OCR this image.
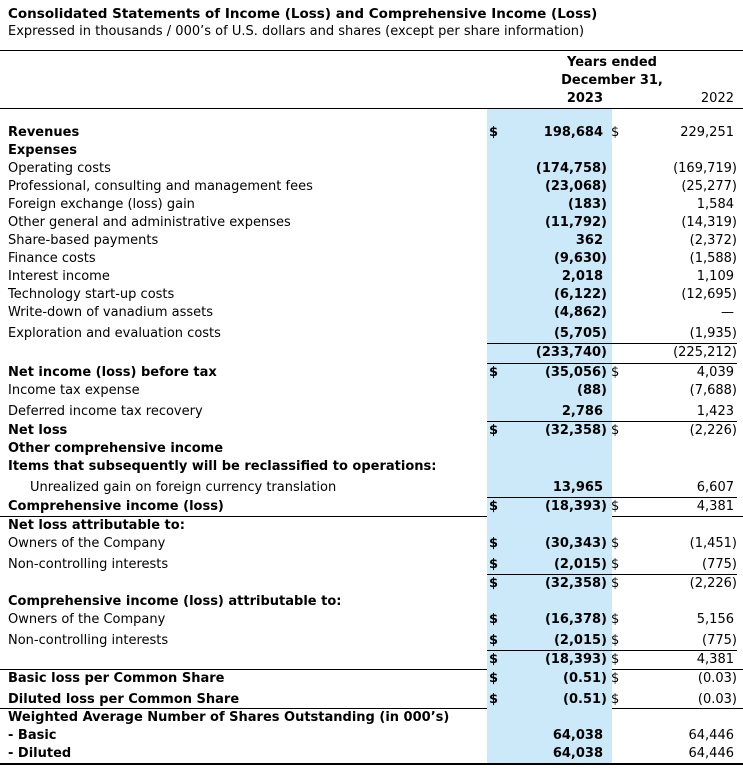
Consolidated Statements of Income (Loss) and Comprehensive Income (Loss)
Expressed in thousands / 000’s of U.S. dollars and shares (except per share information)
Years ended
December 31,
2023	2022
Revenues	$	198,684 $	229,251
Expenses
Operating costs	(174,758)	(169,719)
Professional, consulting and management fees	(23,068)	(25,277)
Foreign exchange (loss) gain	(183)	1,584
Other general and administrative expenses	(11,792)	(14,319)
Share-based payments	362	(2,372)
Finance costs	(9,630)	(1,588)
Interest income	2,018	1,109
Technology start-up costs	(6,122)	(12,695)
Write-down of vanadium assets	(4,862)	—
Exploration and evaluation costs	(5,705)	(1,935)
(233,740)	(225,212)
Net income (loss) before tax	$	(35,056) $	4,039
Income tax expense	(88)	(7,688)
Deferred income tax recovery	2,786	1,423
Net loss	$	(32,358) $	(2,226)
Other comprehensive income
Items that subsequently will be reclassified to operations:
Unrealized gain on foreign currency translation	13,965	6,607
Comprehensive income (loss)	$	(18,393) $	4,381
Net loss attributable to:
Owners of the Company	$	(30,343) $	(1,451)
Non-controlling interests	$	(2,015) $	(775)
$	(32,358) $	(2,226)
Comprehensive income (loss) attributable to:
Owners of the Company	$	(16,378) $	5,156
Non-controlling interests	$	(2,015) $	(775)
$	(18,393) $	4,381
Basic loss per Common Share	$	(0.51) $	(0.03)
Diluted loss per Common Share	$	(0.51) $	(0.03)
Weighted Average Number of Shares Outstanding (in 000’s)
- Basic	64,038	64,446
- Diluted	64,038	64,446
